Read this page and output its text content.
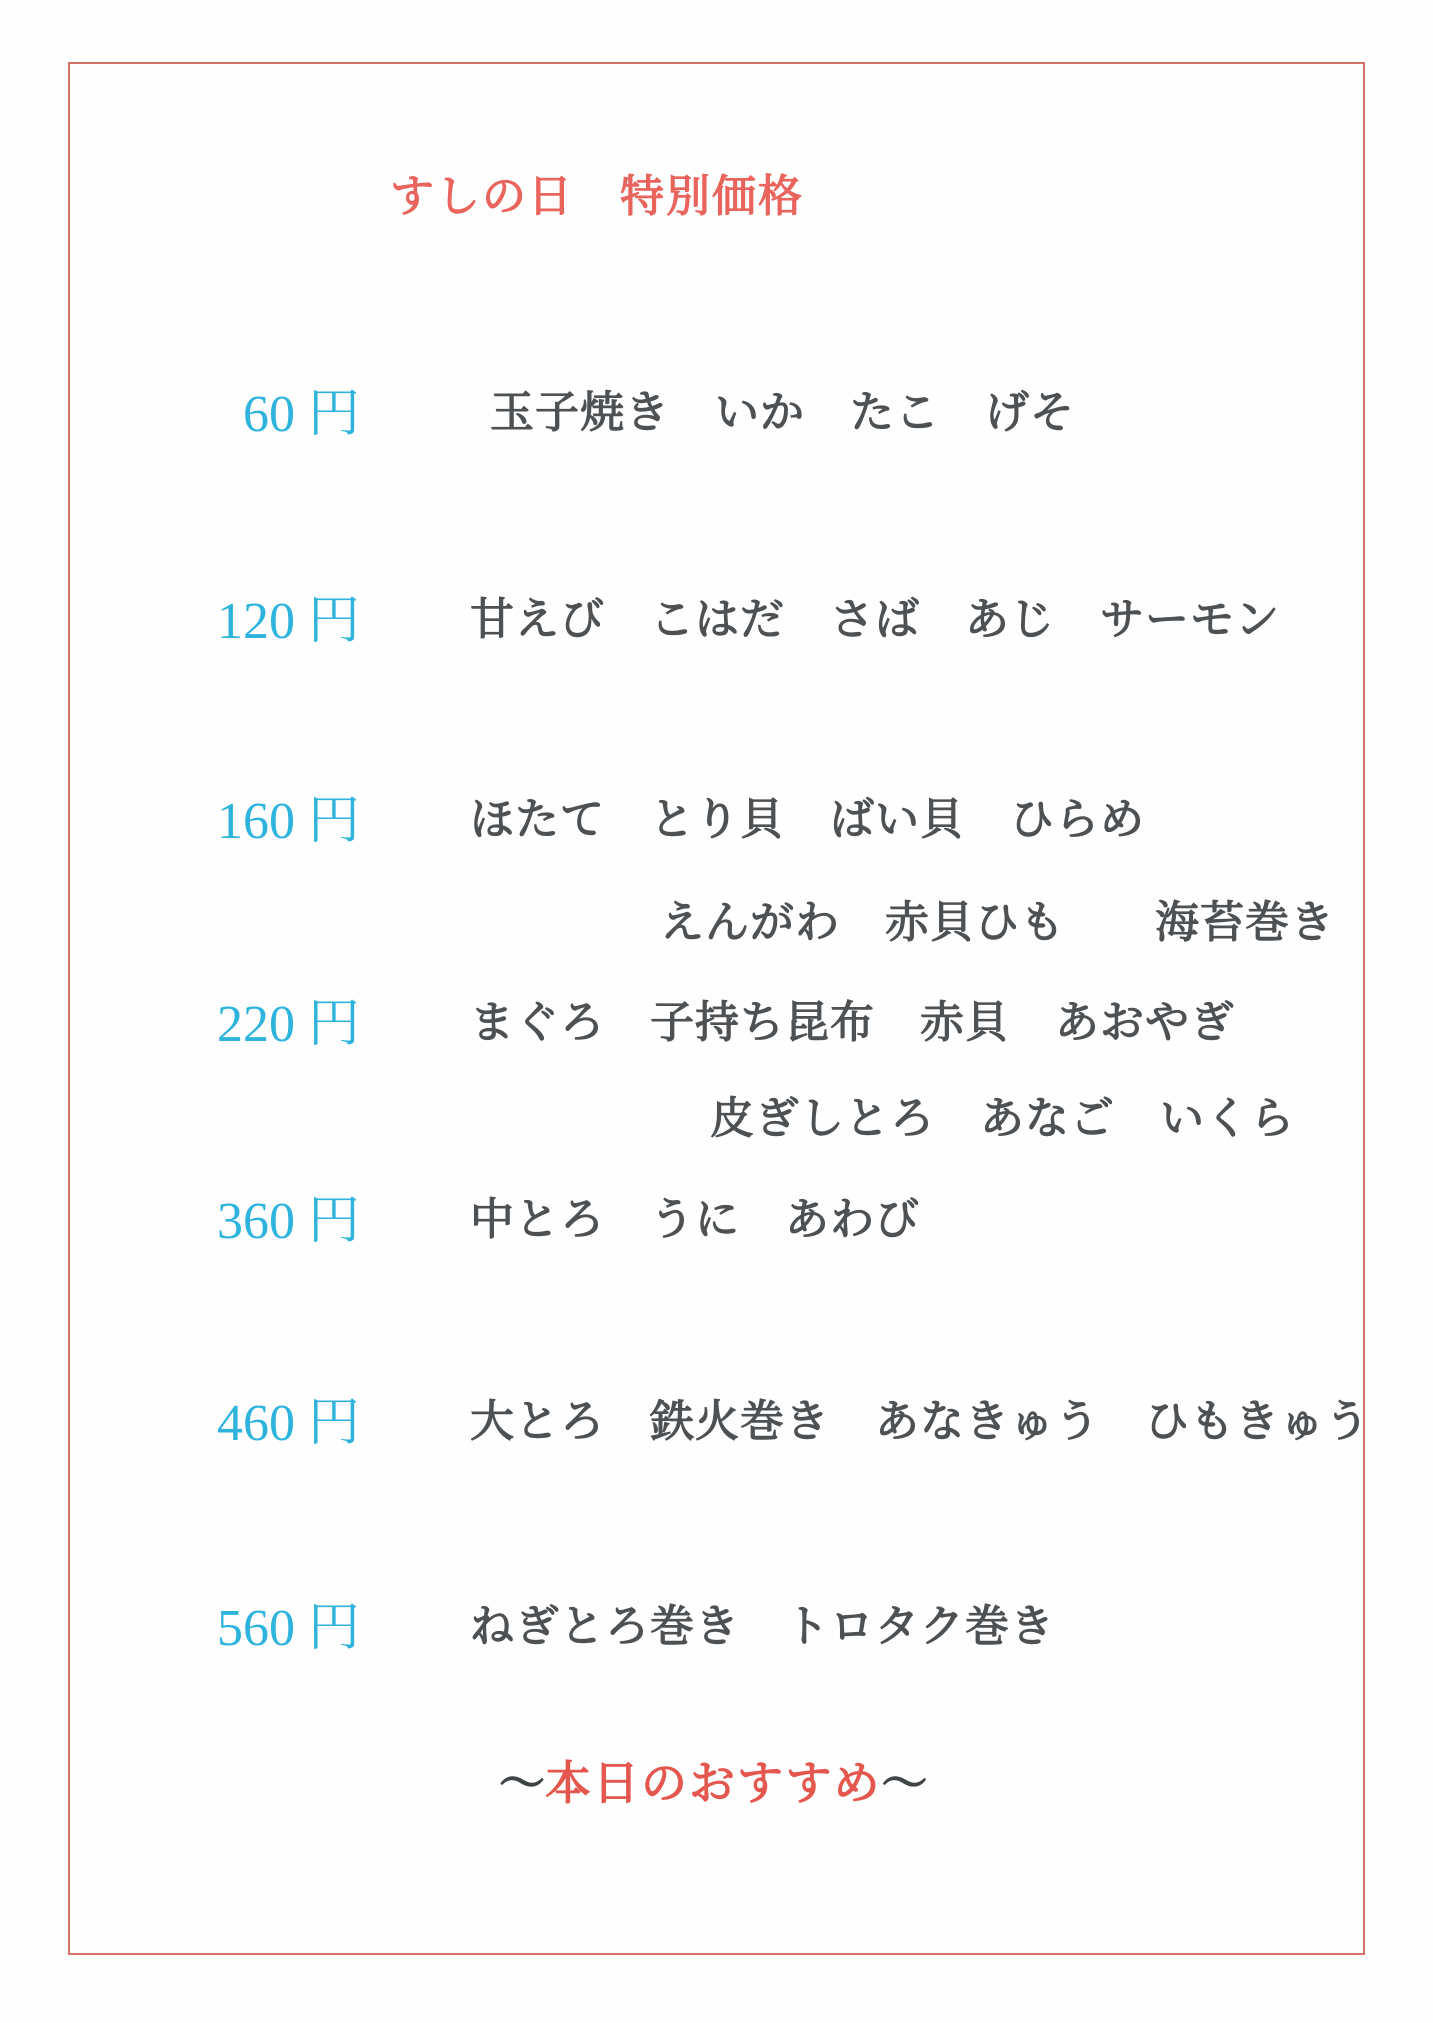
すしの日　特別価格
60 円	玉子焼き　いか　たこ　げそ
120 円	甘えび　こはだ　さば　あじ　サーモン
160 円	ほたて　とり貝　ばい貝　ひらめ
えんがわ　赤貝ひも　　海苔巻き
220 円	まぐろ　子持ち昆布　赤貝　あおやぎ
皮ぎしとろ　あなご　いくら
360 円	中とろ　うに　あわび
460 円	大とろ　鉄火巻き　あなきゅう　ひもきゅう
560 円	ねぎとろ巻き　トロタク巻き

～本日のおすすめ～
